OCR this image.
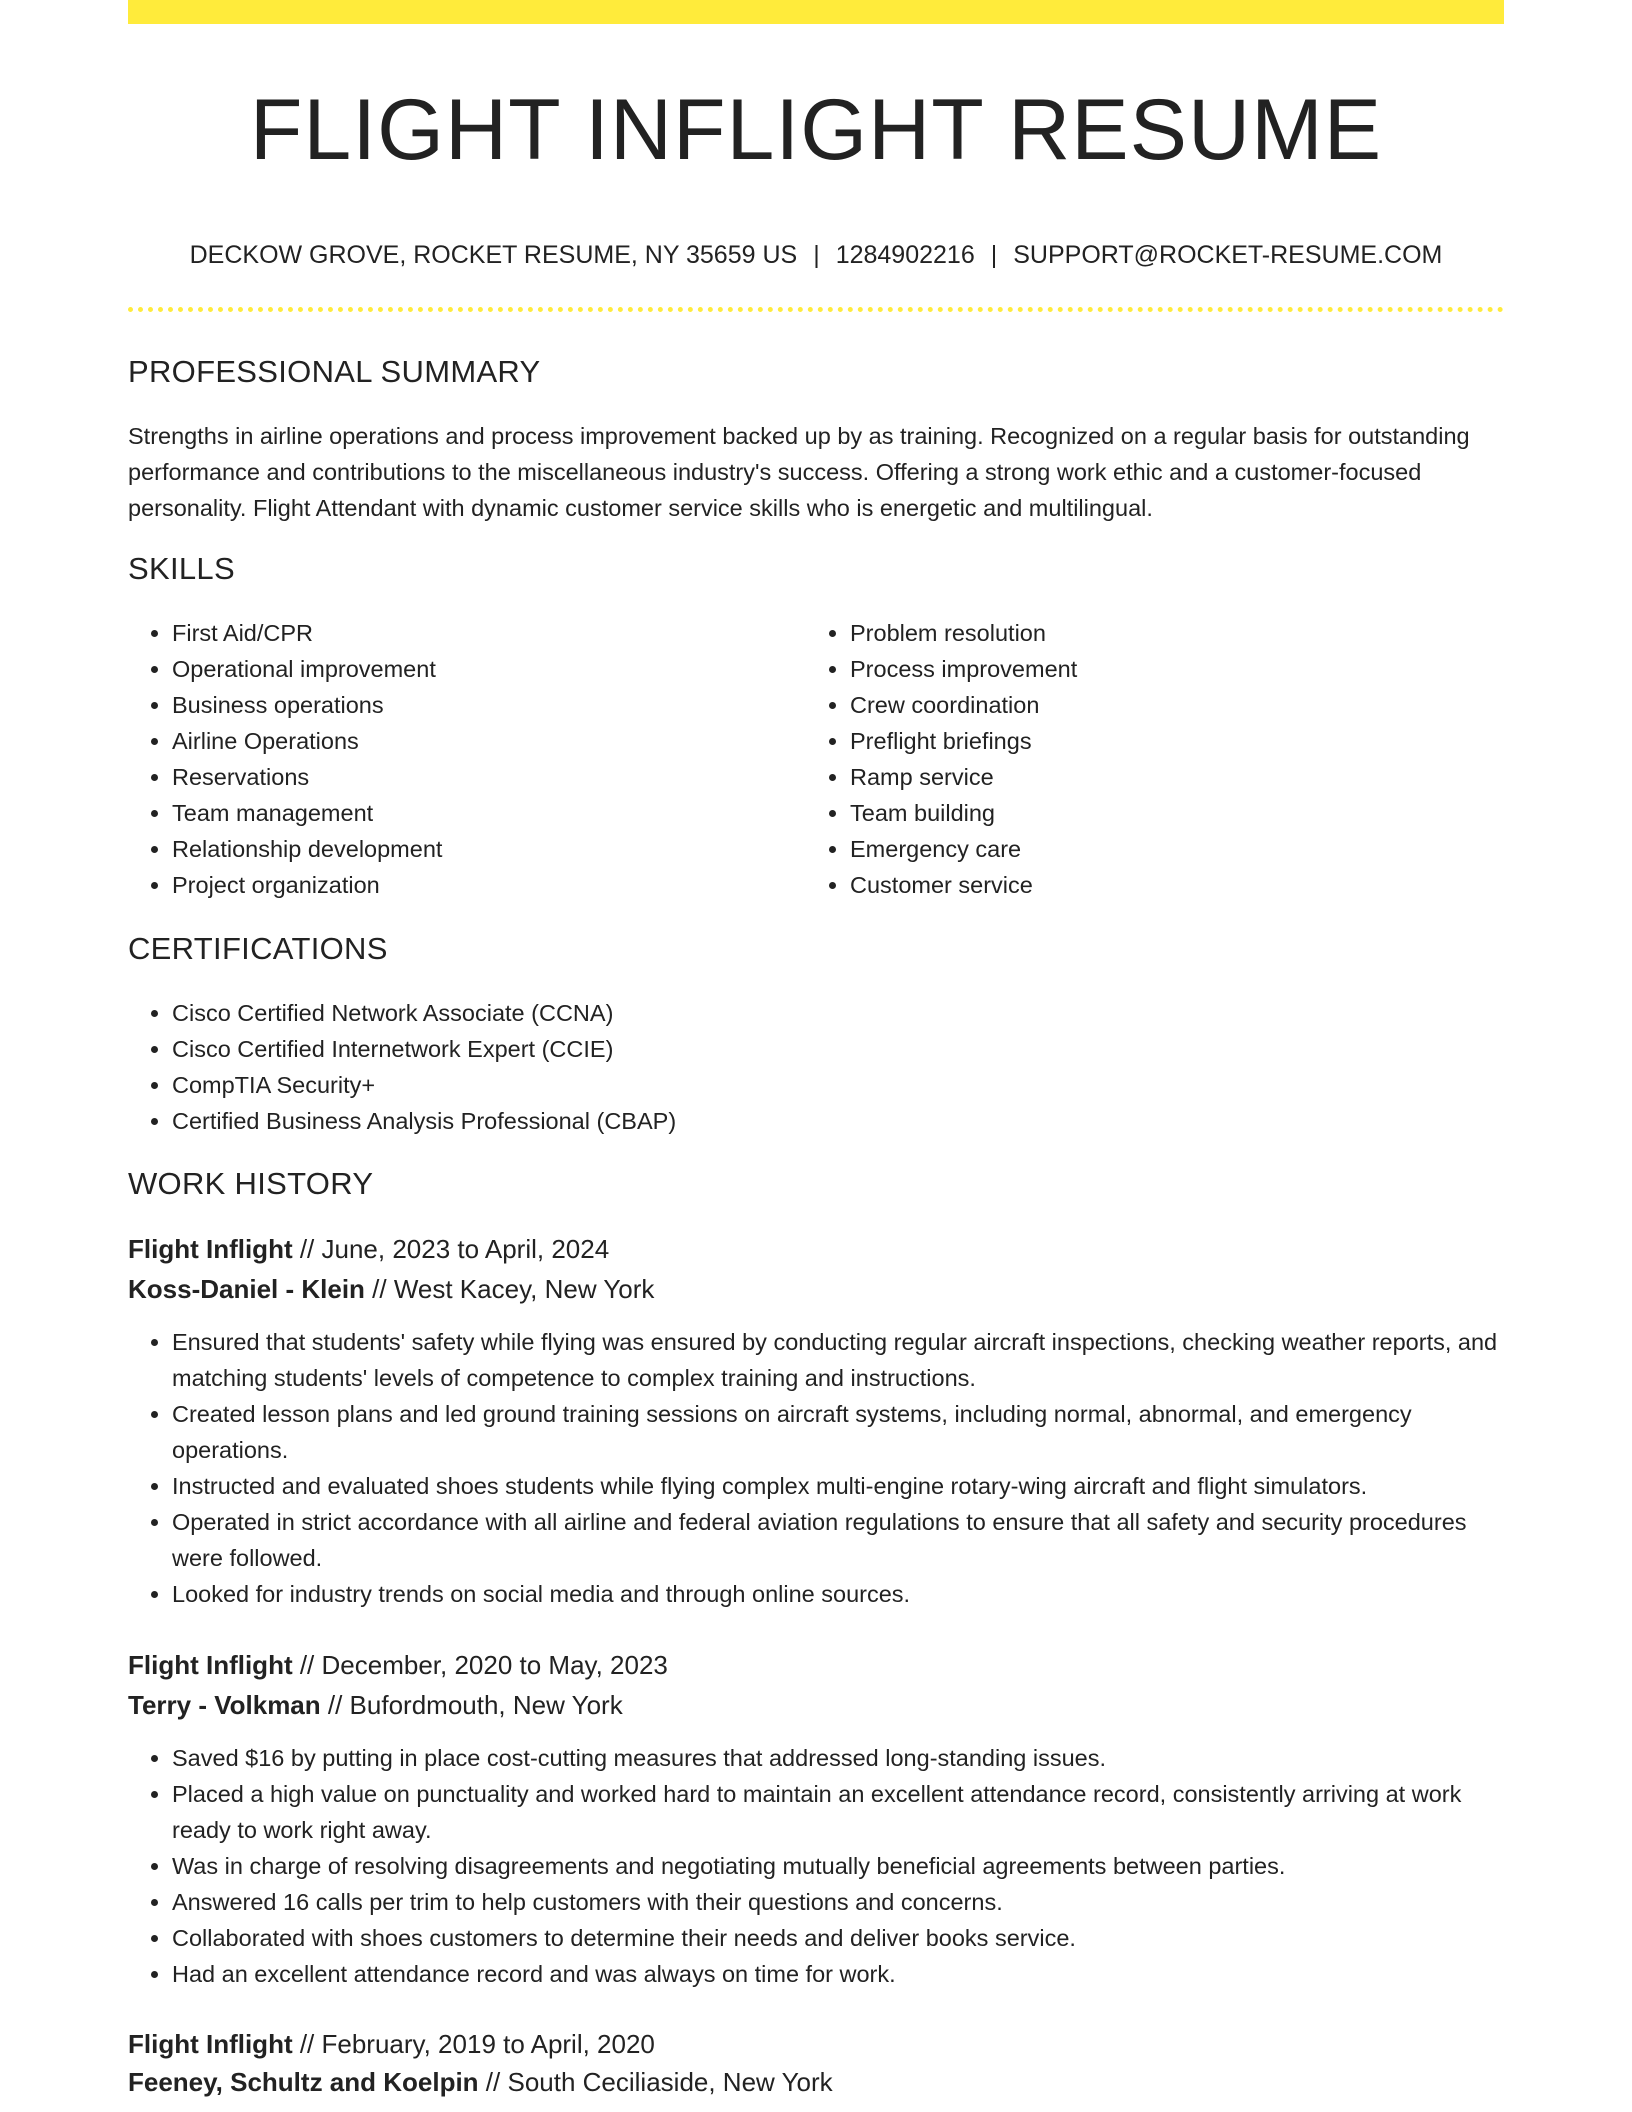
FLIGHT INFLIGHT RESUME
DECKOW GROVE, ROCKET RESUME, NY 35659 US | 1284902216 | SUPPORT@ROCKET-RESUME.COM
PROFESSIONAL SUMMARY
Strengths in airline operations and process improvement backed up by as training. Recognized on a regular basis for outstanding performance and contributions to the miscellaneous industry's success. Offering a strong work ethic and a customer-focused personality. Flight Attendant with dynamic customer service skills who is energetic and multilingual.
SKILLS
• First Aid/CPR
• Operational improvement
• Business operations
• Airline Operations
• Reservations
• Team management
• Relationship development
• Project organization
• Problem resolution
• Process improvement
• Crew coordination
• Preflight briefings
• Ramp service
• Team building
• Emergency care
• Customer service
CERTIFICATIONS
• Cisco Certified Network Associate (CCNA)
• Cisco Certified Internetwork Expert (CCIE)
• CompTIA Security+
• Certified Business Analysis Professional (CBAP)
WORK HISTORY
Flight Inflight // June, 2023 to April, 2024
Koss-Daniel - Klein // West Kacey, New York
• Ensured that students' safety while flying was ensured by conducting regular aircraft inspections, checking weather reports, and matching students' levels of competence to complex training and instructions.
• Created lesson plans and led ground training sessions on aircraft systems, including normal, abnormal, and emergency operations.
• Instructed and evaluated shoes students while flying complex multi-engine rotary-wing aircraft and flight simulators.
• Operated in strict accordance with all airline and federal aviation regulations to ensure that all safety and security procedures were followed.
• Looked for industry trends on social media and through online sources.
Flight Inflight // December, 2020 to May, 2023
Terry - Volkman // Bufordmouth, New York
• Saved $16 by putting in place cost-cutting measures that addressed long-standing issues.
• Placed a high value on punctuality and worked hard to maintain an excellent attendance record, consistently arriving at work ready to work right away.
• Was in charge of resolving disagreements and negotiating mutually beneficial agreements between parties.
• Answered 16 calls per trim to help customers with their questions and concerns.
• Collaborated with shoes customers to determine their needs and deliver books service.
• Had an excellent attendance record and was always on time for work.
Flight Inflight // February, 2019 to April, 2020
Feeney, Schultz and Koelpin // South Ceciliaside, New York
